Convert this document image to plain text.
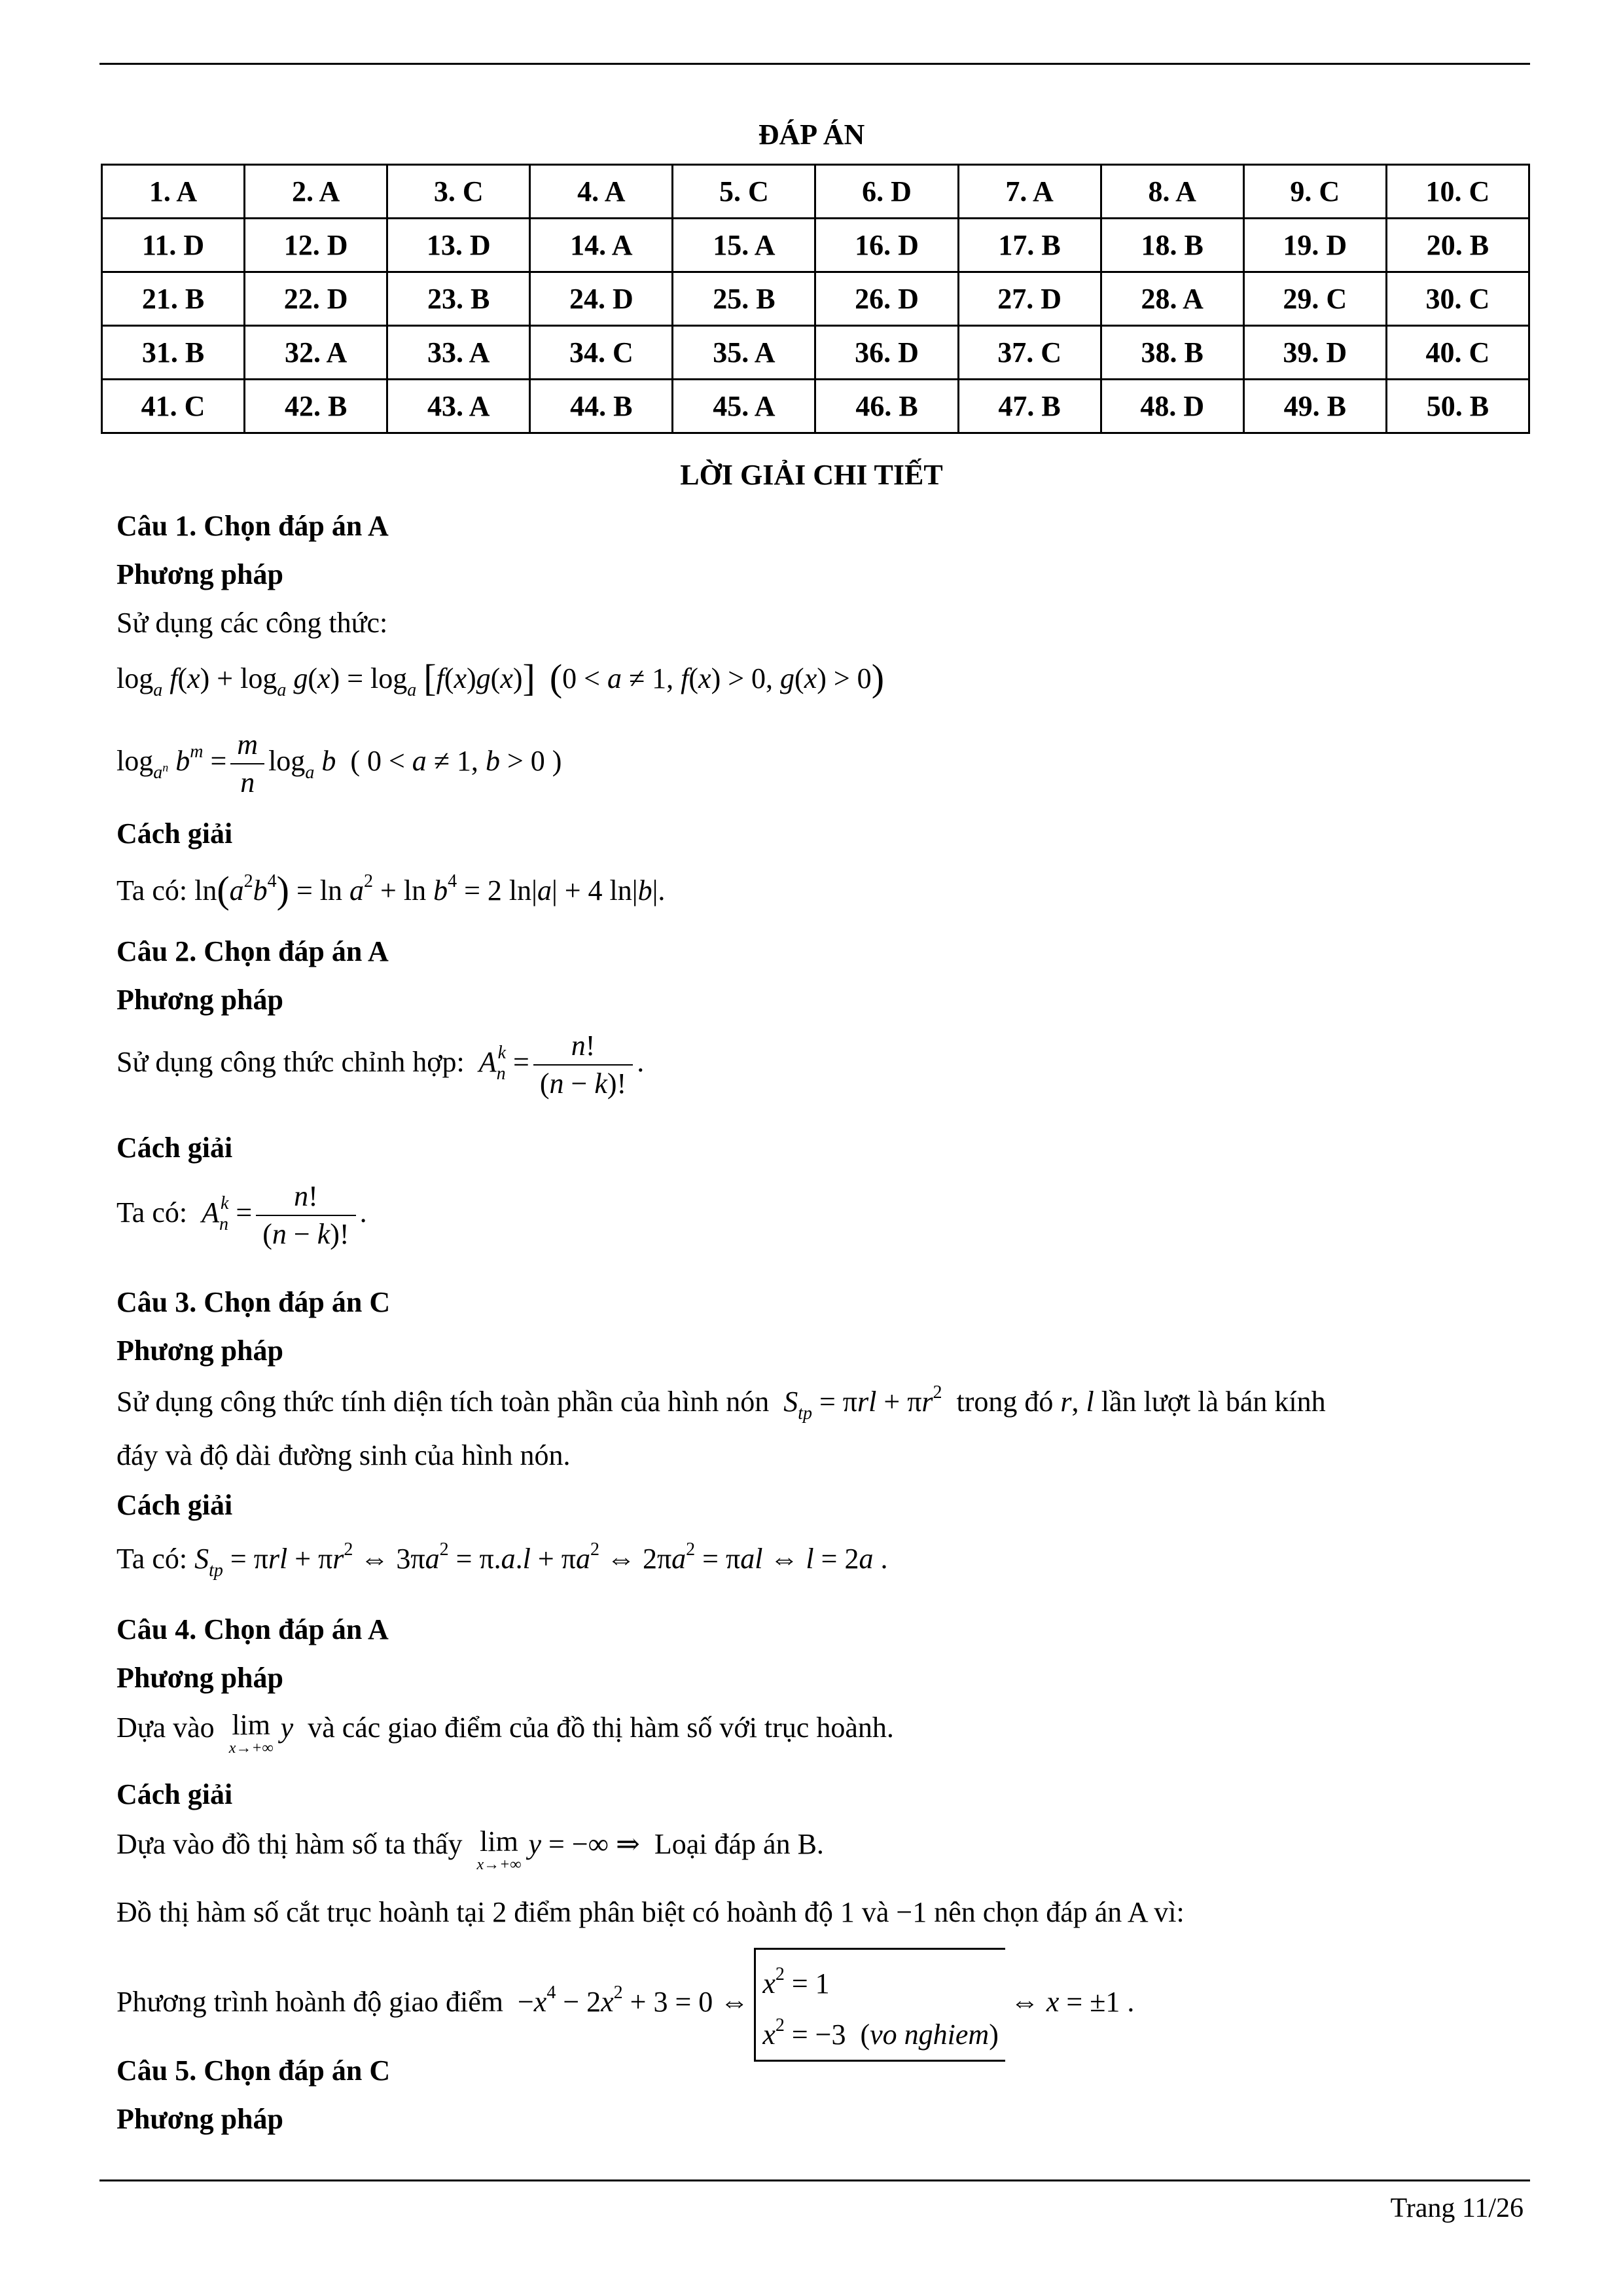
ĐÁP ÁN
1. A	2. A	3. C	4. A	5. C	6. D	7. A	8. A	9. C	10. C
11. D	12. D	13. D	14. A	15. A	16. D	17. B	18. B	19. D	20. B
21. B	22. D	23. B	24. D	25. B	26. D	27. D	28. A	29. C	30. C
31. B	32. A	33. A	34. C	35. A	36. D	37. C	38. B	39. D	40. C
41. C	42. B	43. A	44. B	45. A	46. B	47. B	48. D	49. B	50. B
LỜI GIẢI CHI TIẾT
Câu 1. Chọn đáp án A
Phương pháp
Sử dụng các công thức:
$\log_a f(x) + \log_a g(x) = \log_a [f(x)g(x)] (0 < a \ne 1$, f(x) > 0, g(x) > 0)
$\log_{a^n} b^m = \frac{m}{n} \log_a b$  ( 0 < a ≠ 1, b > 0 )
Cách giải
Ta có: $\ln(a^2b^4) = \ln a^2 + \ln b^4 = 2$ ln|a| + 4 ln|b|.
Câu 2. Chọn đáp án A
Phương pháp
Sử dụng công thức chỉnh hợp: $A_n^k = \frac{n!}{(n - k)!}$ .
Cách giải
Ta có: $A_n^k = \frac{n!}{(n - k)!}$ .
Câu 3. Chọn đáp án C
Phương pháp
Sử dụng công thức tính diện tích toàn phần của hình nón $S_{tp} = \pi rl + \pi r^2$ trong đó r, l lần lượt là bán kính
đáy và độ dài đường sinh của hình nón.
Cách giải
Ta có: $S_{tp} = \pi rl + \pi r^2$ ⇔ $3\pi a^2 = \pi.a.l + \pi a^2$ ⇔ $2\pi a^2 = \pi al$ ⇔ l = 2a .
Câu 4. Chọn đáp án A
Phương pháp
Dựa vào lim
x→+∞
y và các giao điểm của đồ thị hàm số với trục hoành.
Cách giải
Dựa vào đồ thị hàm số ta thấy lim
x→+∞
y = −∞ ⇒  Loại đáp án B.
Đồ thị hàm số cắt trục hoành tại 2 điểm phân biệt có hoành độ 1 và −1 nên chọn đáp án A vì:
Phương trình hoành độ giao điểm  $-x^4 - 2x^2 + 3 = 0$ $\Leftrightarrow x^2 = 1$
$x^2 = -3$  (vo nghiem)⇔ x = ±1 .
Câu 5. Chọn đáp án C
Phương pháp
Trang 11/26
